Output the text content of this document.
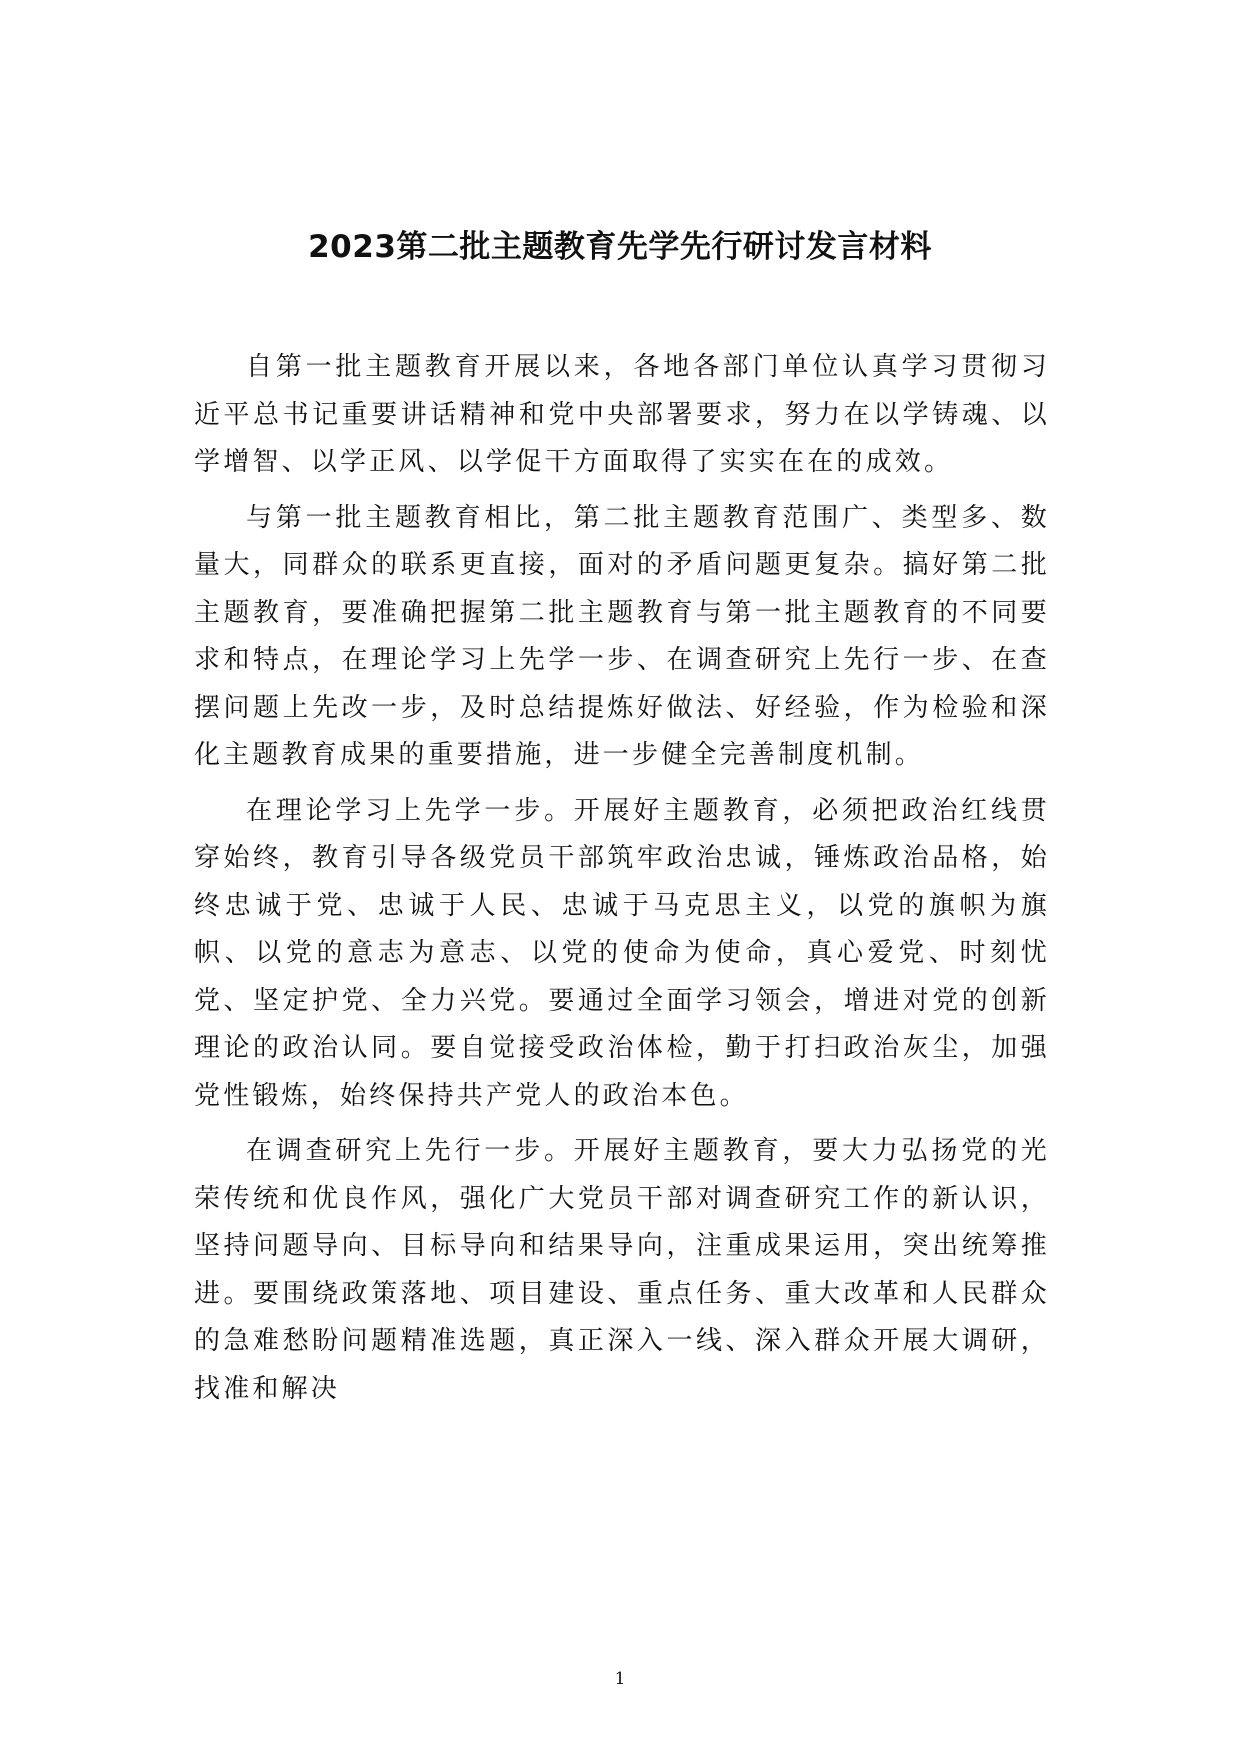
2023第二批主题教育先学先行研讨发言材料

自第一批主题教育开展以来，各地各部门单位认真学习贯彻习近平总书记重要讲话精神和党中央部署要求，努力在以学铸魂、以学增智、以学正风、以学促干方面取得了实实在在的成效。

与第一批主题教育相比，第二批主题教育范围广、类型多、数量大，同群众的联系更直接，面对的矛盾问题更复杂。搞好第二批主题教育，要准确把握第二批主题教育与第一批主题教育的不同要求和特点，在理论学习上先学一步、在调查研究上先行一步、在查摆问题上先改一步，及时总结提炼好做法、好经验，作为检验和深化主题教育成果的重要措施，进一步健全完善制度机制。

在理论学习上先学一步。开展好主题教育，必须把政治红线贯穿始终，教育引导各级党员干部筑牢政治忠诚，锤炼政治品格，始终忠诚于党、忠诚于人民、忠诚于马克思主义，以党的旗帜为旗帜、以党的意志为意志、以党的使命为使命，真心爱党、时刻忧党、坚定护党、全力兴党。要通过全面学习领会，增进对党的创新理论的政治认同。要自觉接受政治体检，勤于打扫政治灰尘，加强党性锻炼，始终保持共产党人的政治本色。

在调查研究上先行一步。开展好主题教育，要大力弘扬党的光荣传统和优良作风，强化广大党员干部对调查研究工作的新认识，坚持问题导向、目标导向和结果导向，注重成果运用，突出统筹推进。要围绕政策落地、项目建设、重点任务、重大改革和人民群众的急难愁盼问题精准选题，真正深入一线、深入群众开展大调研，找准和解决

1
